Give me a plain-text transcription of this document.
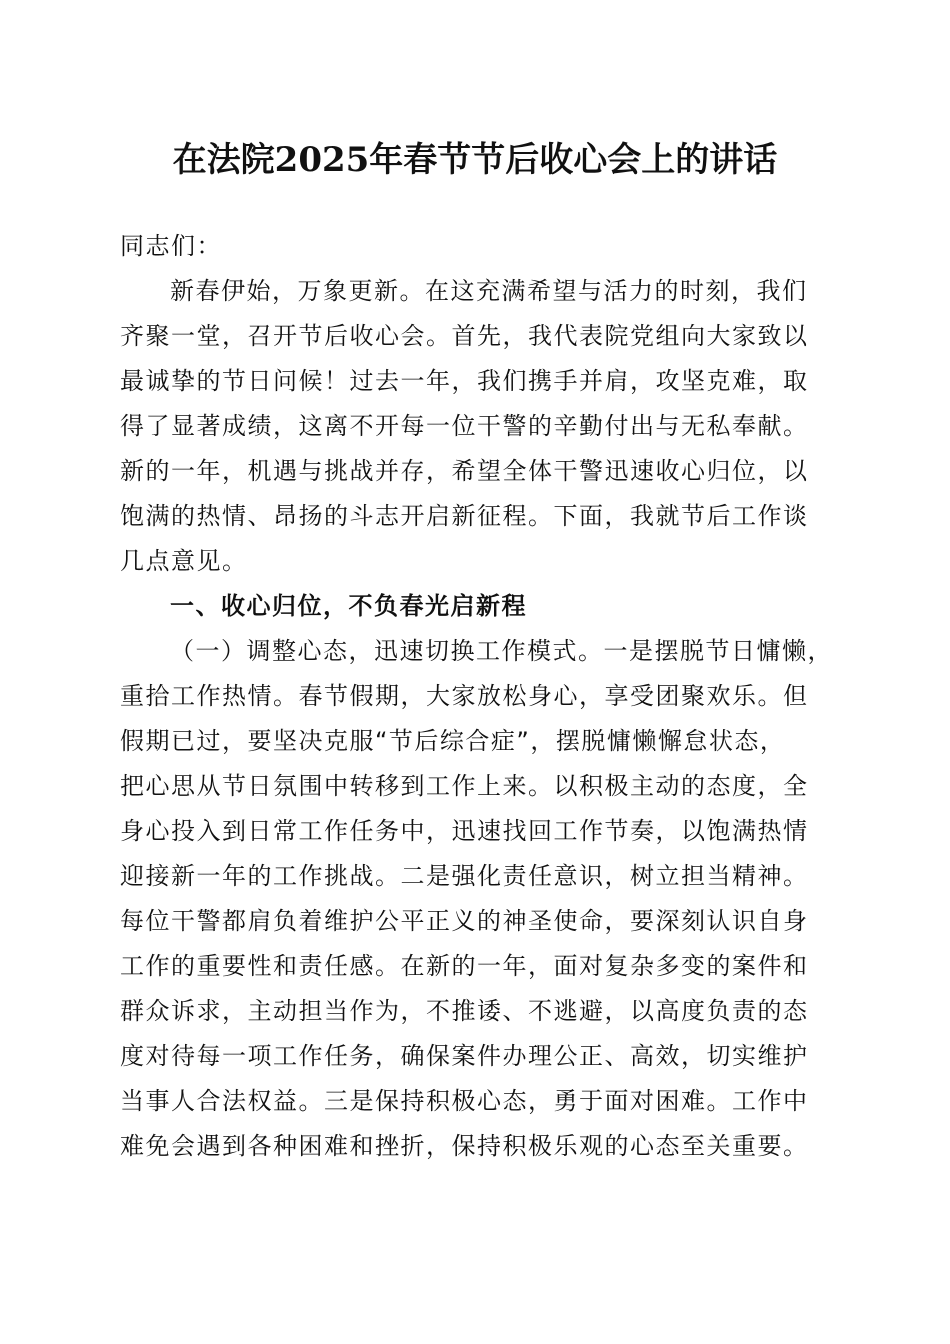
在法院2025年春节节后收心会上的讲话
同志们：
新春伊始，万象更新。在这充满希望与活力的时刻，我们
齐聚一堂，召开节后收心会。首先，我代表院党组向大家致以
最诚挚的节日问候！过去一年，我们携手并肩，攻坚克难，取
得了显著成绩，这离不开每一位干警的辛勤付出与无私奉献。
新的一年，机遇与挑战并存，希望全体干警迅速收心归位，以
饱满的热情、昂扬的斗志开启新征程。下面，我就节后工作谈
几点意见。
一、收心归位，不负春光启新程
（一）调整心态，迅速切换工作模式。一是摆脱节日慵懒，
重拾工作热情。春节假期，大家放松身心，享受团聚欢乐。但
假期已过，要坚决克服“节后综合症”，摆脱慵懒懈怠状态，
把心思从节日氛围中转移到工作上来。以积极主动的态度，全
身心投入到日常工作任务中，迅速找回工作节奏，以饱满热情
迎接新一年的工作挑战。二是强化责任意识，树立担当精神。
每位干警都肩负着维护公平正义的神圣使命，要深刻认识自身
工作的重要性和责任感。在新的一年，面对复杂多变的案件和
群众诉求，主动担当作为，不推诿、不逃避，以高度负责的态
度对待每一项工作任务，确保案件办理公正、高效，切实维护
当事人合法权益。三是保持积极心态，勇于面对困难。工作中
难免会遇到各种困难和挫折，保持积极乐观的心态至关重要。
